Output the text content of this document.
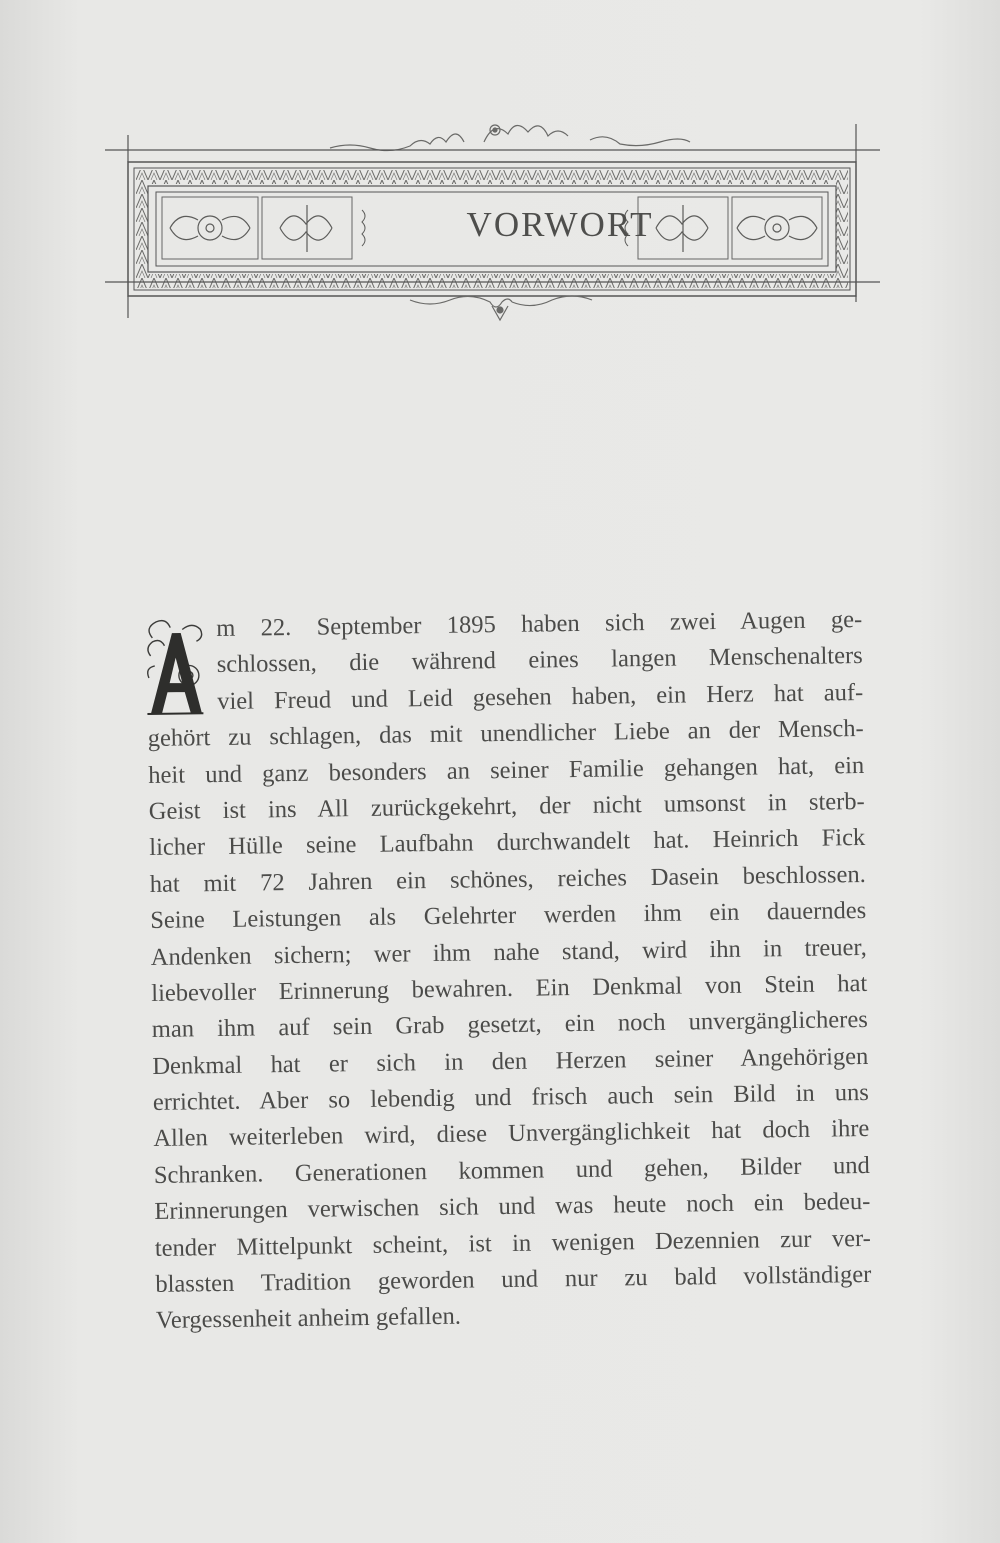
VORWORT
m 22. September 1895 haben sich zwei Augen ge-
schlossen, die während eines langen Menschenalters
viel Freud und Leid gesehen haben, ein Herz hat auf-
gehört zu schlagen, das mit unendlicher Liebe an der Mensch-
heit und ganz besonders an seiner Familie gehangen hat, ein
Geist ist ins All zurückgekehrt, der nicht umsonst in sterb-
licher Hülle seine Laufbahn durchwandelt hat. Heinrich Fick
hat mit 72 Jahren ein schönes, reiches Dasein beschlossen.
Seine Leistungen als Gelehrter werden ihm ein dauerndes
Andenken sichern; wer ihm nahe stand, wird ihn in treuer,
liebevoller Erinnerung bewahren. Ein Denkmal von Stein hat
man ihm auf sein Grab gesetzt, ein noch unvergänglicheres
Denkmal hat er sich in den Herzen seiner Angehörigen
errichtet. Aber so lebendig und frisch auch sein Bild in uns
Allen weiterleben wird, diese Unvergänglichkeit hat doch ihre
Schranken. Generationen kommen und gehen, Bilder und
Erinnerungen verwischen sich und was heute noch ein bedeu-
tender Mittelpunkt scheint, ist in wenigen Dezennien zur ver-
blassten Tradition geworden und nur zu bald vollständiger
Vergessenheit anheim gefallen.
